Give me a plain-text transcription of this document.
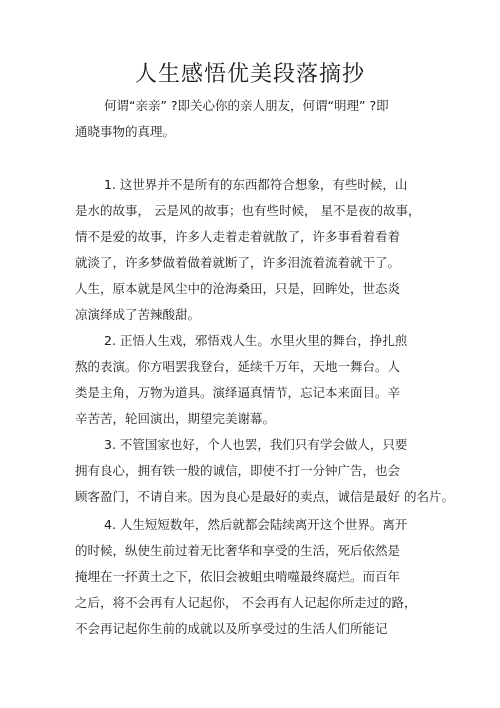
人生感悟优美段落摘抄
何谓“亲亲” ?即关心你的亲人朋友，何谓“明理” ?即
通晓事物的真理。
1. 这世界并不是所有的东西都符合想象，有些时候，山
是水的故事， 云是风的故事；也有些时候， 星不是夜的故事，
情不是爱的故事，许多人走着走着就散了，许多事看着看着
就淡了，许多梦做着做着就断了，许多泪流着流着就干了。
人生，原本就是风尘中的沧海桑田，只是，回眸处，世态炎
凉演绎成了苦辣酸甜。
2. 正悟人生戏，邪悟戏人生。水里火里的舞台，挣扎煎
熬的表演。你方唱罢我登台，延续千万年，天地一舞台。人
类是主角，万物为道具。演绎逼真情节，忘记本来面目。辛
辛苦苦，轮回演出，期望完美谢幕。
3. 不管国家也好，个人也罢，我们只有学会做人，只要
拥有良心，拥有铁一般的诚信，即使不打一分钟广告，也会
顾客盈门，不请自来。因为良心是最好的卖点，诚信是最好 的名片。
4. 人生短短数年，然后就都会陆续离开这个世界。离开
的时候，纵使生前过着无比奢华和享受的生活，死后依然是
掩埋在一抔黄土之下，依旧会被蛆虫啃噬最终腐烂。而百年
之后，将不会再有人记起你， 不会再有人记起你所走过的路，
不会再记起你生前的成就以及所享受过的生活人们所能记
